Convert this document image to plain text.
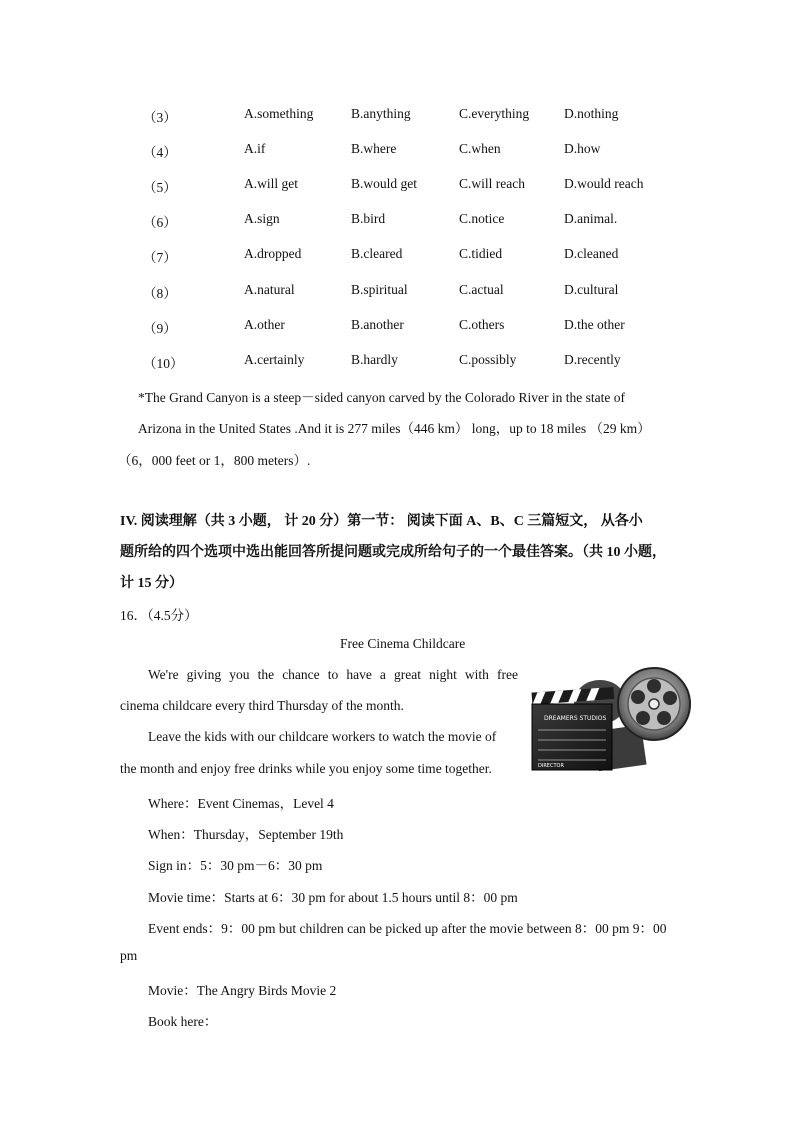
（3）	A.something	B.anything	C.everything	D.nothing
（4）	A.if	B.where	C.when	D.how
（5）	A.will get	B.would get	C.will reach	D.would reach
（6）	A.sign	B.bird	C.notice	D.animal.
（7）	A.dropped	B.cleared	C.tidied	D.cleaned
（8）	A.natural	B.spiritual	C.actual	D.cultural
（9）	A.other	B.another	C.others	D.the other
（10）	A.certainly	B.hardly	C.possibly	D.recently
*The Grand Canyon is a steep－sided canyon carved by the Colorado River in the state of
Arizona in the United States .And it is 277 miles（446 km） long，up to 18 miles （29 km）
（6，000 feet or 1，800 meters）.
IV. 阅读理解（共 3 小题， 计 20 分）第一节： 阅读下面 A、B、C 三篇短文， 从各小
题所给的四个选项中选出能回答所提问题或完成所给句子的一个最佳答案。（共 10 小题，
计 15 分）
16．（4.5分）
Free Cinema Childcare
We're giving you the chance to have a great night with free
cinema childcare every third Thursday of the month.
Leave the kids with our childcare workers to watch the movie of
the month and enjoy free drinks while you enjoy some time together.
Where：Event Cinemas，Level 4
When：Thursday，September 19th
Sign in：5：30 pm－6：30 pm
Movie time：Starts at 6：30 pm for about 1.5 hours until 8：00 pm
Event ends：9：00 pm but children can be picked up after the movie between 8：00 pm 9：00
pm
Movie：The Angry Birds Movie 2
Book here：
DREAMERS STUDIOS
DIRECTOR
